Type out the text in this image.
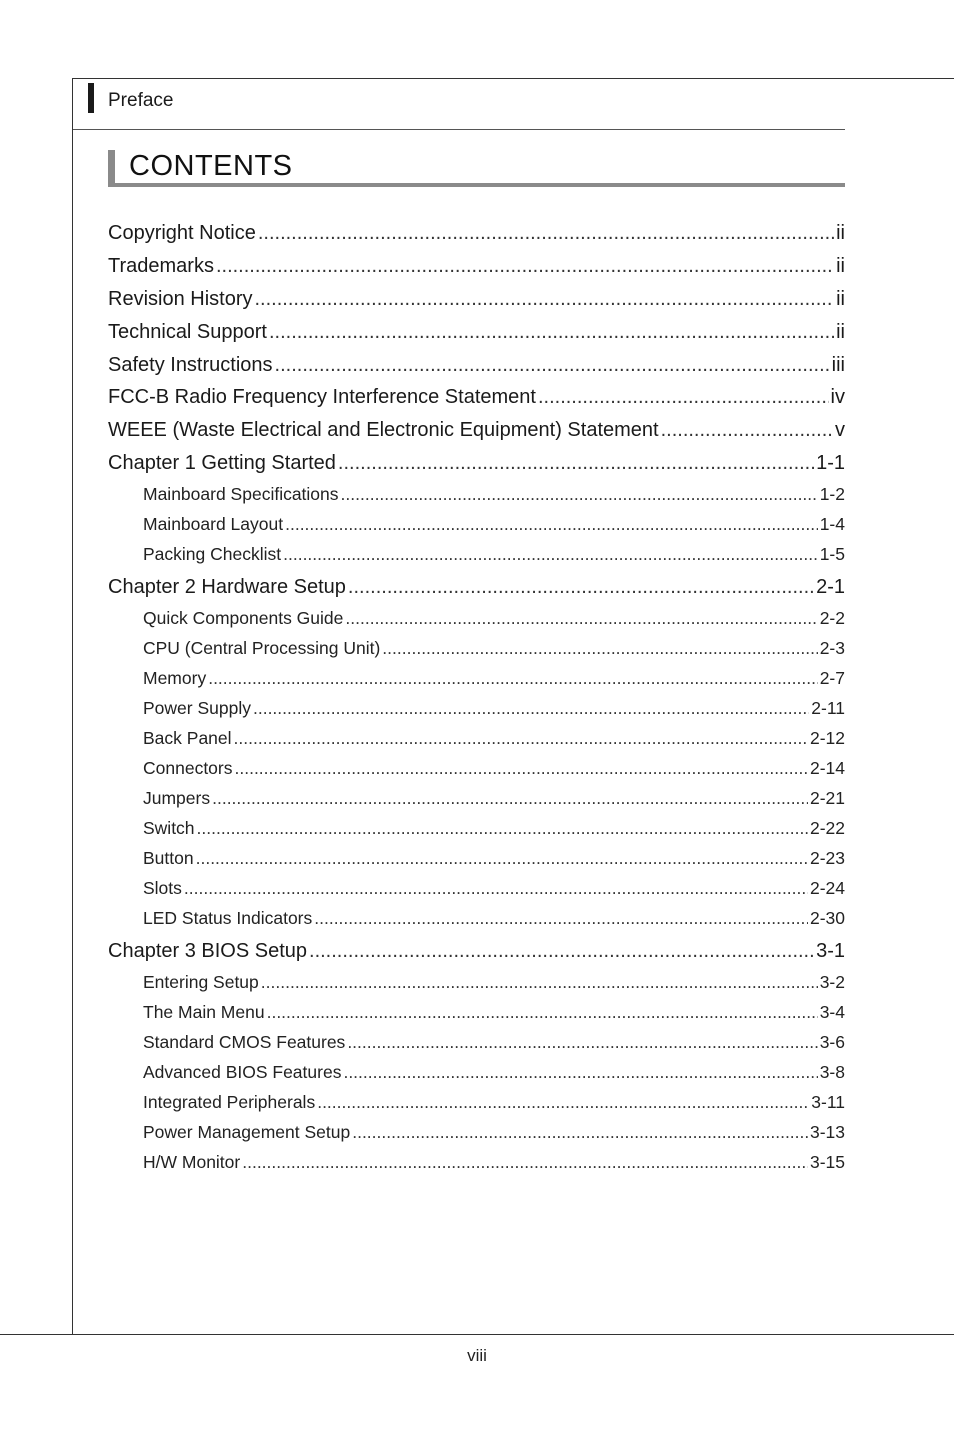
Preface
CONTENTS
Copyright Notice .....	ii
Trademarks .....	ii
Revision History .....	ii
Technical Support .....	ii
Safety Instructions .....	iii
FCC-B Radio Frequency Interference Statement .....	iv
WEEE (Waste Electrical and Electronic Equipment) Statement .....	v
Chapter 1 Getting Started .....	1-1
Mainboard Specifications .....	1-2
Mainboard Layout .....	1-4
Packing Checklist .....	1-5
Chapter 2 Hardware Setup .....	2-1
Quick Components Guide .....	2-2
CPU (Central Processing Unit) .....	2-3
Memory .....	2-7
Power Supply .....	2-11
Back Panel .....	2-12
Connectors .....	2-14
Jumpers .....	2-21
Switch .....	2-22
Button .....	2-23
Slots .....	2-24
LED Status Indicators .....	2-30
Chapter 3 BIOS Setup .....	3-1
Entering Setup .....	3-2
The Main Menu .....	3-4
Standard CMOS Features .....	3-6
Advanced BIOS Features .....	3-8
Integrated Peripherals .....	3-11
Power Management Setup .....	3-13
H/W Monitor .....	3-15
viii
